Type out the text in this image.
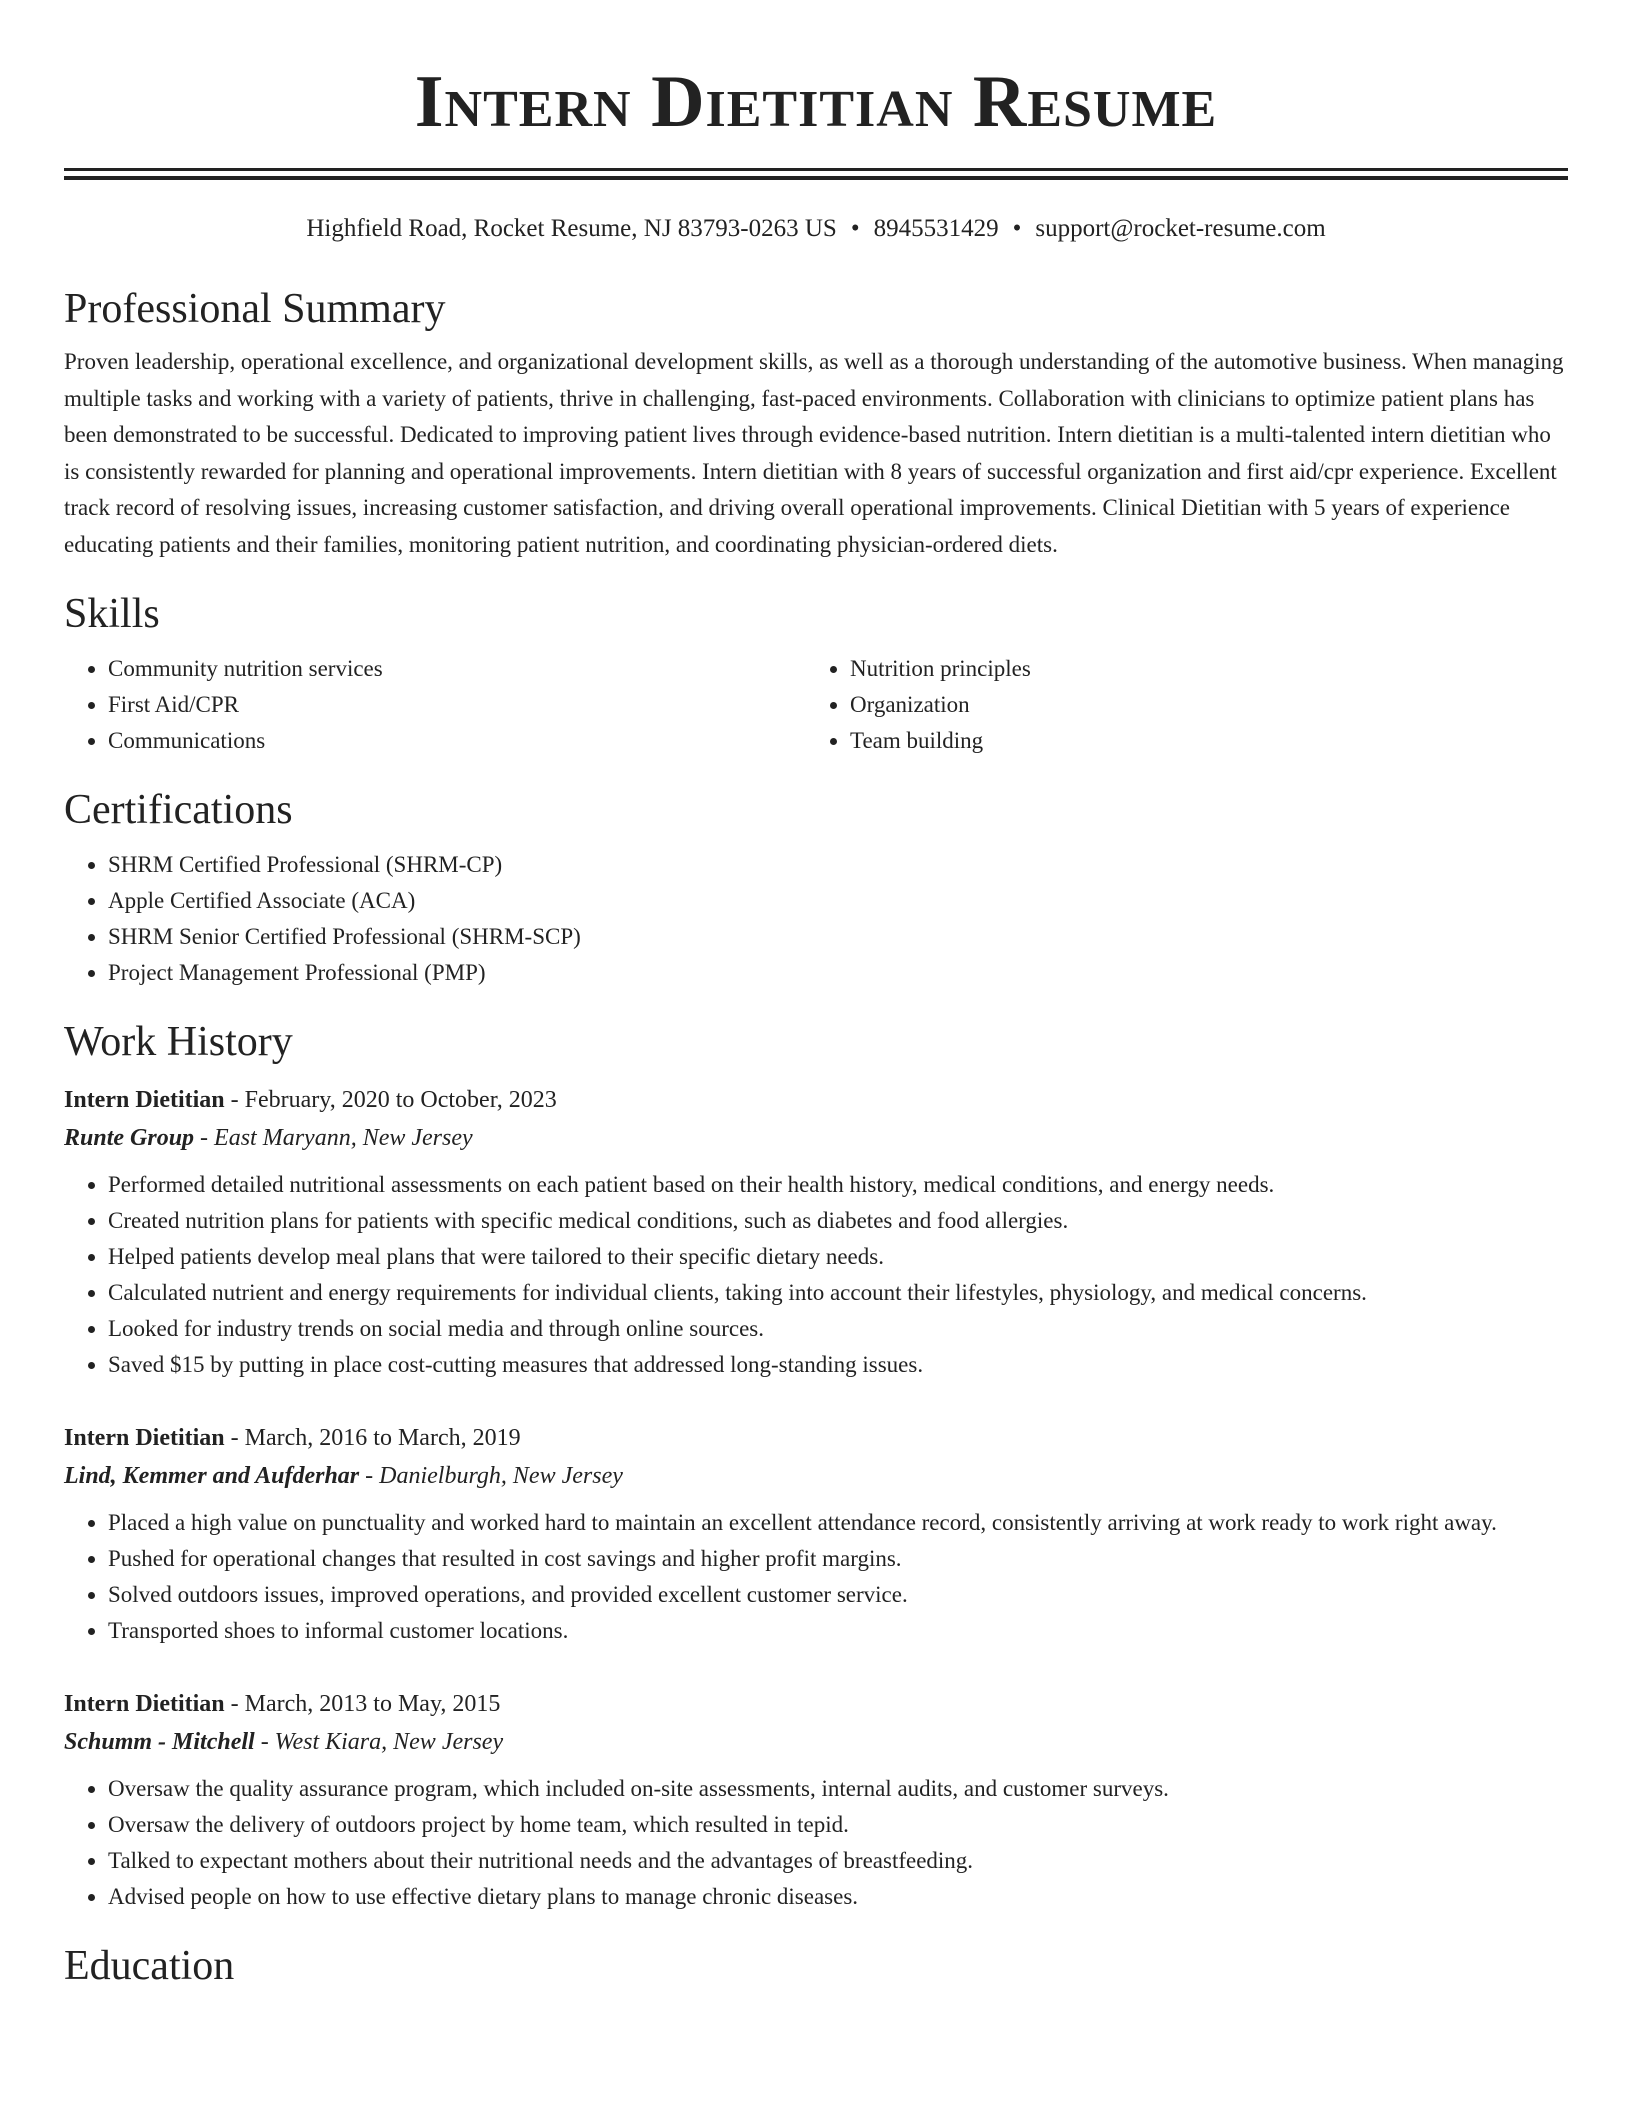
Intern Dietitian Resume
Highfield Road, Rocket Resume, NJ 83793-0263 US • 8945531429 • support@rocket-resume.com
Professional Summary

Proven leadership, operational excellence, and organizational development skills, as well as a thorough understanding of the automotive business. When managing multiple tasks and working with a variety of patients, thrive in challenging, fast-paced environments. Collaboration with clinicians to optimize patient plans has been demonstrated to be successful. Dedicated to improving patient lives through evidence-based nutrition. Intern dietitian is a multi-talented intern dietitian who is consistently rewarded for planning and operational improvements. Intern dietitian with 8 years of successful organization and first aid/cpr experience. Excellent track record of resolving issues, increasing customer satisfaction, and driving overall operational improvements. Clinical Dietitian with 5 years of experience educating patients and their families, monitoring patient nutrition, and coordinating physician-ordered diets.

Skills
• Community nutrition services
• First Aid/CPR
• Communications
• Nutrition principles
• Organization
• Team building
Certifications
• SHRM Certified Professional (SHRM-CP)
• Apple Certified Associate (ACA)
• SHRM Senior Certified Professional (SHRM-SCP)
• Project Management Professional (PMP)
Work History
Intern Dietitian - February, 2020 to October, 2023
Runte Group - East Maryann, New Jersey
• Performed detailed nutritional assessments on each patient based on their health history, medical conditions, and energy needs.
• Created nutrition plans for patients with specific medical conditions, such as diabetes and food allergies.
• Helped patients develop meal plans that were tailored to their specific dietary needs.
• Calculated nutrient and energy requirements for individual clients, taking into account their lifestyles, physiology, and medical concerns.
• Looked for industry trends on social media and through online sources.
• Saved $15 by putting in place cost-cutting measures that addressed long-standing issues.
Intern Dietitian - March, 2016 to March, 2019
Lind, Kemmer and Aufderhar - Danielburgh, New Jersey
• Placed a high value on punctuality and worked hard to maintain an excellent attendance record, consistently arriving at work ready to work right away.
• Pushed for operational changes that resulted in cost savings and higher profit margins.
• Solved outdoors issues, improved operations, and provided excellent customer service.
• Transported shoes to informal customer locations.
Intern Dietitian - March, 2013 to May, 2015
Schumm - Mitchell - West Kiara, New Jersey
• Oversaw the quality assurance program, which included on-site assessments, internal audits, and customer surveys.
• Oversaw the delivery of outdoors project by home team, which resulted in tepid.
• Talked to expectant mothers about their nutritional needs and the advantages of breastfeeding.
• Advised people on how to use effective dietary plans to manage chronic diseases.
Education
